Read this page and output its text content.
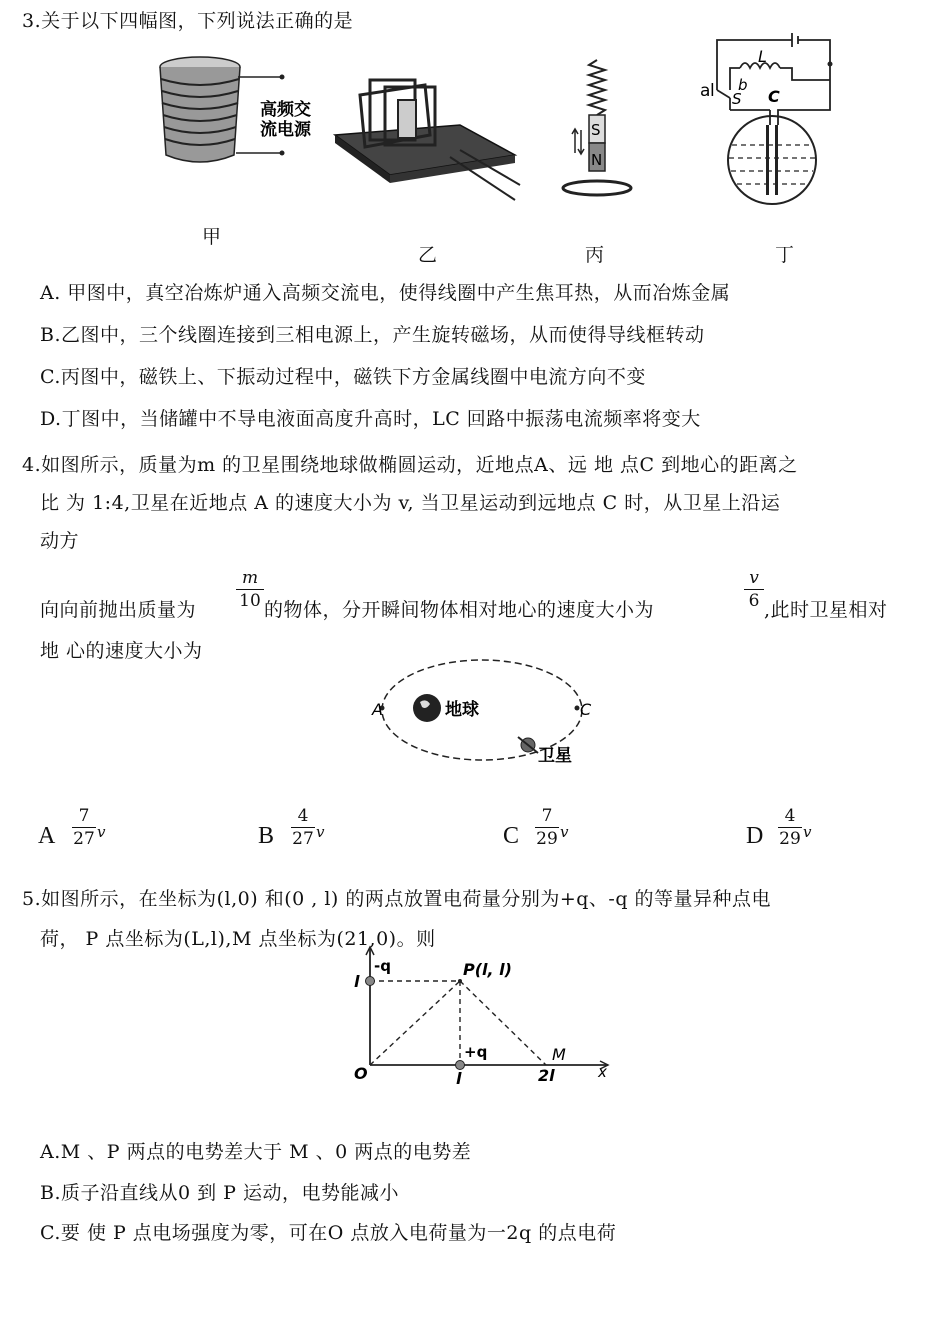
3.关于以下四幅图，下列说法正确的是
高频交
流电源
甲
乙
S
N
丙
a l b
L
S C
丁
A. 甲图中，真空冶炼炉通入高频交流电，使得线圈中产生焦耳热，从而冶炼金属
B.乙图中，三个线圈连接到三相电源上，产生旋转磁场，从而使得导线框转动
C.丙图中，磁铁上、下振动过程中，磁铁下方金属线圈中电流方向不变
D.丁图中，当储罐中不导电液面高度升高时，LC 回路中振荡电流频率将变大
4.如图所示，质量为m 的卫星围绕地球做椭圆运动，近地点A、远 地 点C 到地心的距离之
比 为 1:4,卫星在近地点 A 的速度大小为 v, 当卫星运动到远地点 C 时，从卫星上沿运
动方
向向前抛出质量为
m
10 的物体，分开瞬间物体相对地心的速度大小为
v
6 ,此时卫星相对
地 心的速度大小为
地球
A	C
卫星
A
7
27 v	B
4
27 v	C
7
29 v	D
4
29 v
5.如图所示，在坐标为(l,0) 和(0 , l) 的两点放置电荷量分别为+q、-q 的等量异种点电
荷， P 点坐标为(L,l),M 点坐标为(21,0)。则
-q
+q
l
P(l, l)
M
O	l	2l	x
A.M 、P 两点的电势差大于 M 、0 两点的电势差
B.质子沿直线从0 到 P 运动，电势能减小
C.要 使 P 点电场强度为零，可在O 点放入电荷量为一2q 的点电荷
